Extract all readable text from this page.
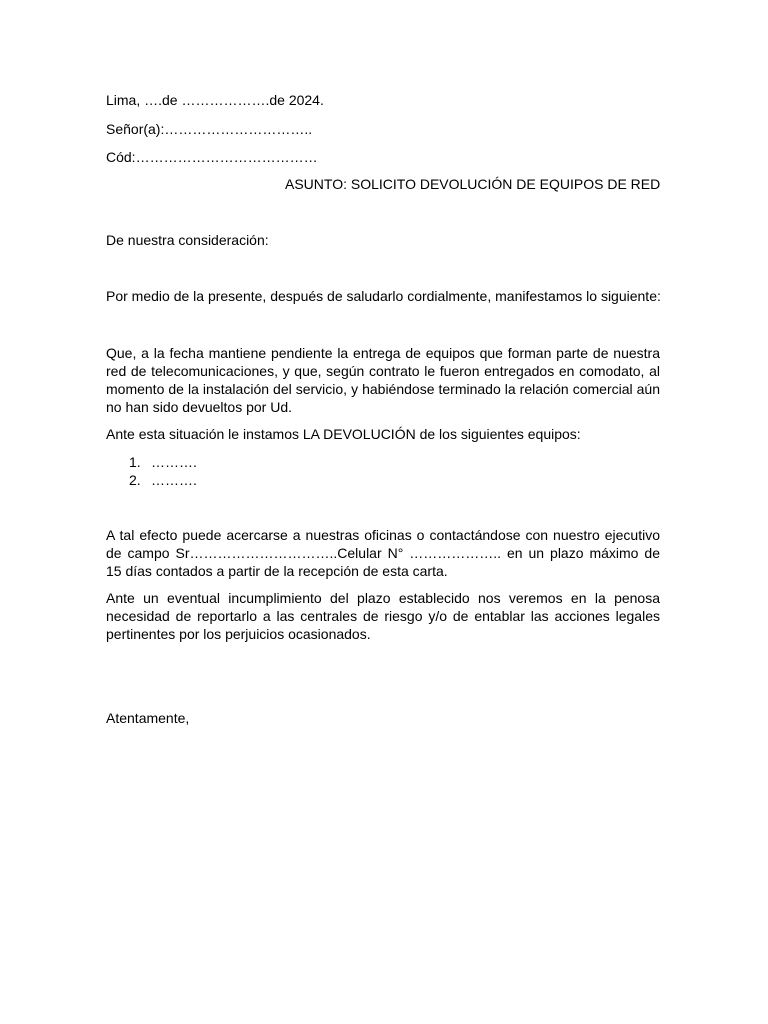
Lima, ….de ……………….de 2024.
Señor(a):…………………………..
Cód:…………………………………
ASUNTO: SOLICITO DEVOLUCIÓN DE EQUIPOS DE RED
De nuestra consideración:
Por medio de la presente, después de saludarlo cordialmente, manifestamos lo siguiente:
Que, a la fecha mantiene pendiente la entrega de equipos que forman parte de nuestra red de telecomunicaciones, y que, según contrato le fueron entregados en comodato, al momento de la instalación del servicio, y habiéndose terminado la relación comercial aún no han sido devueltos por Ud.
Ante esta situación le instamos LA DEVOLUCIÓN de los siguientes equipos:
1. ……….
2. ……….
A tal efecto puede acercarse a nuestras oficinas o contactándose con nuestro ejecutivo de campo Sr…………………………..Celular N° ……………….. en un plazo máximo de 15 días contados a partir de la recepción de esta carta.
Ante un eventual incumplimiento del plazo establecido nos veremos en la penosa necesidad de reportarlo a las centrales de riesgo y/o de entablar las acciones legales pertinentes por los perjuicios ocasionados.
Atentamente,
